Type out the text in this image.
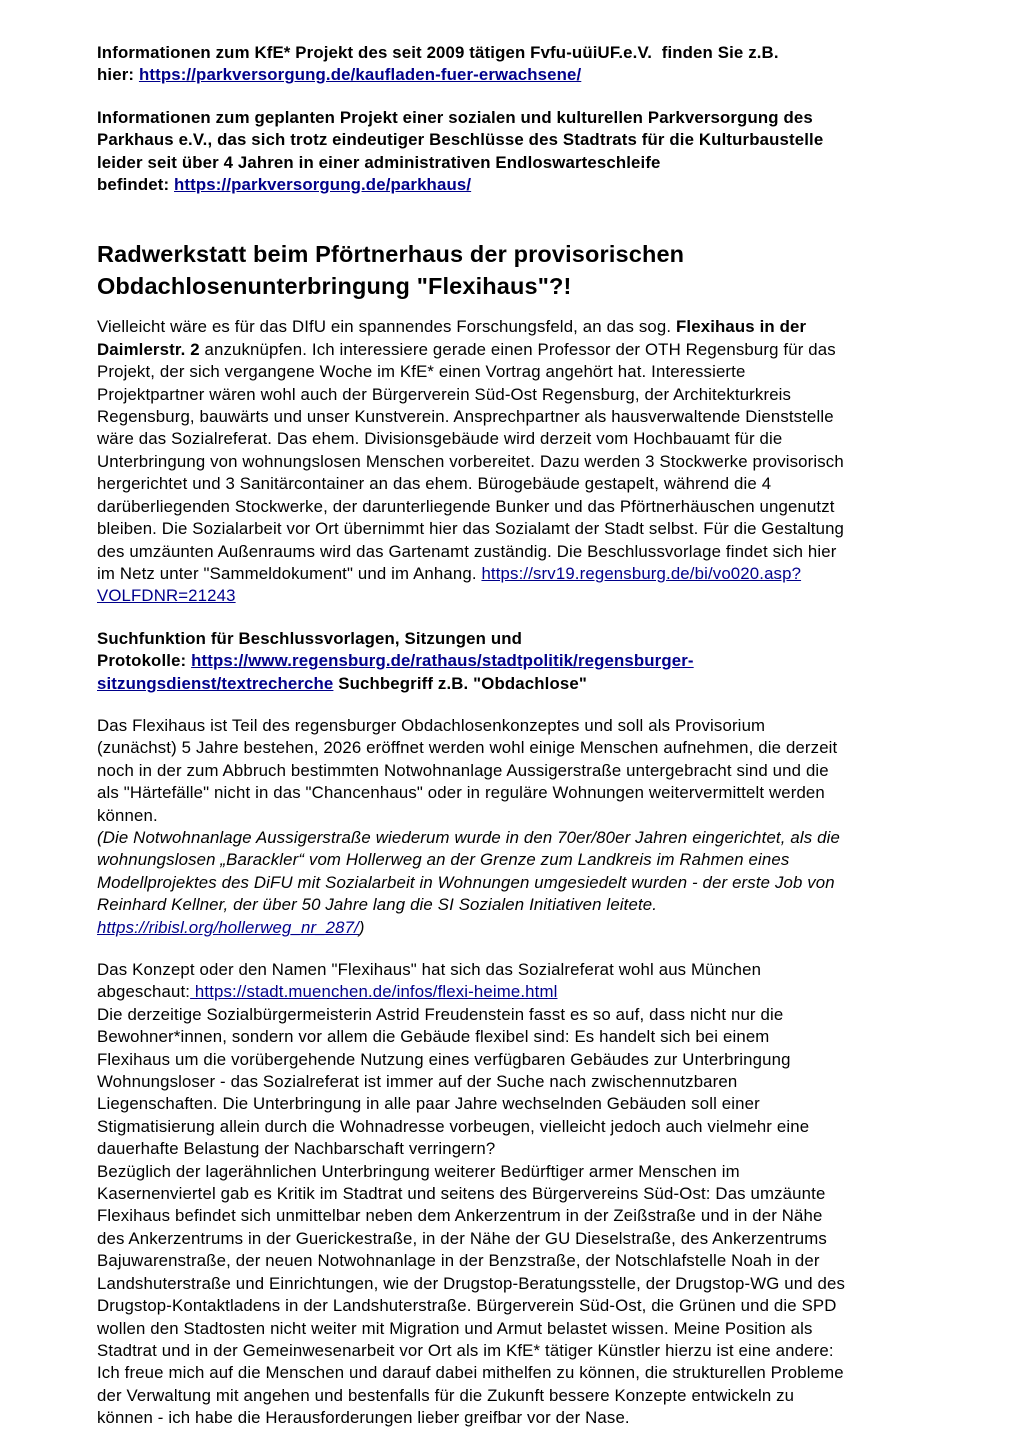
Informationen zum KfE* Projekt des seit 2009 tätigen Fvfu-uüiUF.e.V.  finden Sie z.B.
hier: https://parkversorgung.de/kaufladen-fuer-erwachsene/

Informationen zum geplanten Projekt einer sozialen und kulturellen Parkversorgung des
Parkhaus e.V., das sich trotz eindeutiger Beschlüsse des Stadtrats für die Kulturbaustelle
leider seit über 4 Jahren in einer administrativen Endloswarteschleife
befindet: https://parkversorgung.de/parkhaus/

Radwerkstatt beim Pförtnerhaus der provisorischen
Obdachlosenunterbringung "Flexihaus"?!

Vielleicht wäre es für das DIfU ein spannendes Forschungsfeld, an das sog. Flexihaus in der
Daimlerstr. 2 anzuknüpfen. Ich interessiere gerade einen Professor der OTH Regensburg für das
Projekt, der sich vergangene Woche im KfE* einen Vortrag angehört hat. Interessierte
Projektpartner wären wohl auch der Bürgerverein Süd-Ost Regensburg, der Architekturkreis
Regensburg, bauwärts und unser Kunstverein. Ansprechpartner als hausverwaltende Dienststelle
wäre das Sozialreferat. Das ehem. Divisionsgebäude wird derzeit vom Hochbauamt für die
Unterbringung von wohnungslosen Menschen vorbereitet. Dazu werden 3 Stockwerke provisorisch
hergerichtet und 3 Sanitärcontainer an das ehem. Bürogebäude gestapelt, während die 4
darüberliegenden Stockwerke, der darunterliegende Bunker und das Pförtnerhäuschen ungenutzt
bleiben. Die Sozialarbeit vor Ort übernimmt hier das Sozialamt der Stadt selbst. Für die Gestaltung
des umzäunten Außenraums wird das Gartenamt zuständig. Die Beschlussvorlage findet sich hier
im Netz unter "Sammeldokument" und im Anhang. https://srv19.regensburg.de/bi/vo020.asp?
VOLFDNR=21243

Suchfunktion für Beschlussvorlagen, Sitzungen und
Protokolle: https://www.regensburg.de/rathaus/stadtpolitik/regensburger-
sitzungsdienst/textrecherche Suchbegriff z.B. "Obdachlose"

Das Flexihaus ist Teil des regensburger Obdachlosenkonzeptes und soll als Provisorium
(zunächst) 5 Jahre bestehen, 2026 eröffnet werden wohl einige Menschen aufnehmen, die derzeit
noch in der zum Abbruch bestimmten Notwohnanlage Aussigerstraße untergebracht sind und die
als "Härtefälle" nicht in das "Chancenhaus" oder in reguläre Wohnungen weitervermittelt werden
können.
(Die Notwohnanlage Aussigerstraße wiederum wurde in den 70er/80er Jahren eingerichtet, als die
wohnungslosen „Barackler“ vom Hollerweg an der Grenze zum Landkreis im Rahmen eines
Modellprojektes des DiFU mit Sozialarbeit in Wohnungen umgesiedelt wurden - der erste Job von
Reinhard Kellner, der über 50 Jahre lang die SI Sozialen Initiativen leitete.
https://ribisl.org/hollerweg_nr_287/)

Das Konzept oder den Namen "Flexihaus" hat sich das Sozialreferat wohl aus München
abgeschaut: https://stadt.muenchen.de/infos/flexi-heime.html
Die derzeitige Sozialbürgermeisterin Astrid Freudenstein fasst es so auf, dass nicht nur die
Bewohner*innen, sondern vor allem die Gebäude flexibel sind: Es handelt sich bei einem
Flexihaus um die vorübergehende Nutzung eines verfügbaren Gebäudes zur Unterbringung
Wohnungsloser - das Sozialreferat ist immer auf der Suche nach zwischennutzbaren
Liegenschaften. Die Unterbringung in alle paar Jahre wechselnden Gebäuden soll einer
Stigmatisierung allein durch die Wohnadresse vorbeugen, vielleicht jedoch auch vielmehr eine
dauerhafte Belastung der Nachbarschaft verringern?
Bezüglich der lagerähnlichen Unterbringung weiterer Bedürftiger armer Menschen im
Kasernenviertel gab es Kritik im Stadtrat und seitens des Bürgervereins Süd-Ost: Das umzäunte
Flexihaus befindet sich unmittelbar neben dem Ankerzentrum in der Zeißstraße und in der Nähe
des Ankerzentrums in der Guerickestraße, in der Nähe der GU Dieselstraße, des Ankerzentrums
Bajuwarenstraße, der neuen Notwohnanlage in der Benzstraße, der Notschlafstelle Noah in der
Landshuterstraße und Einrichtungen, wie der Drugstop-Beratungsstelle, der Drugstop-WG und des
Drugstop-Kontaktladens in der Landshuterstraße. Bürgerverein Süd-Ost, die Grünen und die SPD
wollen den Stadtosten nicht weiter mit Migration und Armut belastet wissen. Meine Position als
Stadtrat und in der Gemeinwesenarbeit vor Ort als im KfE* tätiger Künstler hierzu ist eine andere:
Ich freue mich auf die Menschen und darauf dabei mithelfen zu können, die strukturellen Probleme
der Verwaltung mit angehen und bestenfalls für die Zukunft bessere Konzepte entwickeln zu
können - ich habe die Herausforderungen lieber greifbar vor der Nase.
